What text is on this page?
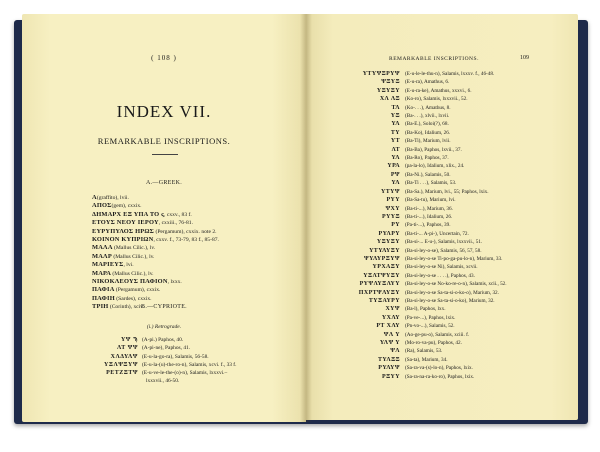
( 108 )
INDEX VII.
REMARKABLE INSCRIPTIONS.
A.—GREEK.
Α(graffito), lvii.
ΑΠΟΣ(gem), cxxix.
ΔΗΜΑΡΧ ΕΞ ΥΠΑ ΤΟ ς, cxxv., 83 f.
ΕΤΟΥΣ ΝΕΟΥ ΙΕΡΟΥ, cxxiii., 76-81.
ΕΥΡΥΠΥΛΟΣ ΗΡΩΣ (Pergamum), cxxix. note 2.
ΚΟΙΝΟΝ ΚΥΠΡΙΩΝ, cxxv. f., 73-79, 83 f., 85-87.
ΜΑΛΑ (Mallus Cilic.), lv.
ΜΑΛΡ (Mallus Cilic.), lv.
ΜΑΡΙΕΥΣ, lvi.
ΜΑΡΑ (Mallus Cilic.), lv.
ΝΙΚΟΚΛΕΟΥΣ ΠΑΦΙΟΝ, lxxx.
ΠΑΦΙΑ (Pergamum), cxxix.
ΠΑΦΙΗ (Sardes), cxxix.
ΤΡΙΗ (Corinth), xciv.
B.—CYPRIOTE.
(i.) Retrograde.
ΥΨ Ϡ (A-pi.) Paphos, 40.
ΛΤ ΨΨ (A-pi-ne), Paphos, 41.
ΧΛΔΥΛΨ (E-u-la-go-ra), Salamis, 56-58.
ΥΞΛΨΞΥΨ (E-u-la-(u)-the-ro-n), Salamis, xcvi. f., 33 f.
ΡΕΤΖΞΤΨ (E-u-ve-le-the-(o)-n), Salamis, lxxxvi.–
lxxxvii., 46-50.
REMARKABLE INSCRIPTIONS.	109
ΥΤΥΨΞΡΥΨ (E-u-le-le-thu-n), Salamis, lxxxv. f., 46-48.
ΨΞΥΞ (E-u-ra), Amathus, 6.
ΥΞΥΞΥ (E-u-ra-ke), Amathus, xxxvi., 6.
ΧΛ ΛΞ (Ko-ro), Salamis, lxxxvii., 52.
ΤΛ (Ko-. . .), Amathus, 8.
ΥΞ (Ba-. . .), xlvii., lxvii.
ΥΛ (Ba-E.), Soloi(?), 68.
ΤΥ (Ba-Ko), Idalium, 26.
ΥΤ (Ba-Ti), Marium, lvii.
ΛΤ (Ba-Ba), Paphos, lxvii., 37.
ΥΛ (Ba-Ro), Paphos, 37.
ΥΡΑ (pa-la-lo), Idalium, xlix., 24.
ΡΨ (Ba-Ni.), Salamis, 50.
ΥΛ (Ba-Ti . . .), Salamis, 53.
ΥΤΥΨ (Ba-Sa.), Marium, lvi., 55; Paphos, lxix.
ΡΥΥ (Ba-Sa-tu), Marium, lvi.
ΨΧΥ (Ba-ti-...), Marium, 36.
ΡΥΥΞ (Ba-ti-...), Idalium, 26.
ΡΥ (Pa-ti-...), Paphos, 39.
ΡΥΛΡΥ (Ba-ti-... A-pi-), Uncertain, 72.
ΥΞΥΞΥ (Ba-si-... E-u-), Salamis, lxxxvii., 51.
ΥΤΥΛΥΞΥ (Ba-si-ley-o-se), Salamis, 56, 57, 58.
ΨΥΛΥΡΞΥΨ (Ba-si-ley-o-se Ti-po-ga-pu-lo-n), Marium, 33.
ΥΡΧΑΞΥ (Ba-si-ley-o-se Ni), Salamis, xcvii.
ΥΞΛΤΨΥΞΥ (Ba-si-ley-o-se . . . .), Paphos, 43.
ΡΥΨΛΥΞΛΥΥ (Ba-si-ley-o-se No-ko-re-o-n), Salamis, xcii., 52.
ΠΧΡΤΨΛΥΞΥ (Ba-si-ley-o-se Sa-ta-si-o-ko-o), Marium, 32.
ΤΥΞΑΥΡΥ (Ba-si-ley-o-se Sa-ta-si-o-ko), Marium, 32.
ΧΥΨ (Ba-l), Paphos, lxx.
ΥΧΛΥ (Pa-ve-...), Paphos, lxix.
ΡΤ ΧΛΥ (Pn-vo-...), Salamis, 52.
ΨΛ Υ (Ao-ge-pu-o), Salamis, xciii. f.
ΥΛΨ Υ (Mo-ro-va-pu), Paphos, 42.
ΨΛ (Ra), Salamis, 53.
ΤΥΛΞΞ (Sa-ta), Marium, 34.
ΡΥΛΥΨ (Sa-ra-va-(s)-lo-n), Paphos, lxix.
ΡΞΥΥ (Sa-ra-na-ra-ko-ro), Paphos, lxix.
